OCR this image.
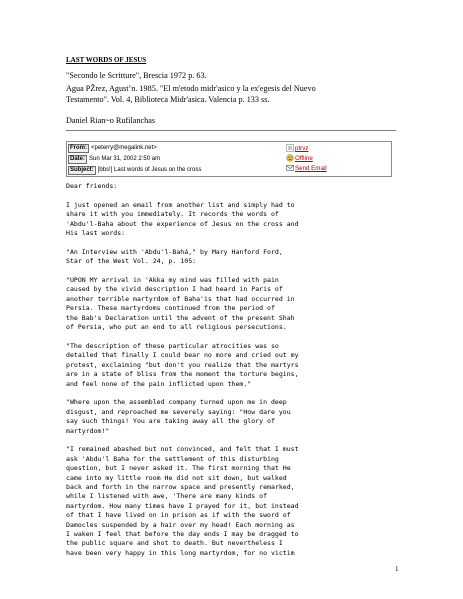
LAST WORDS OF JESUS
"Secondo le Scritture", Brescia 1972 p. 63.
Agua PŽrez, Agust’n. 1985. "El m'etodo midr'asico y la ex'egesis del Nuevo
Testamento". Vol. 4, Biblioteca Midr'asica. Valencia p. 133 ss.
Daniel Rian~o Rufilanchas
From: <peterry@megalink.net>
Date: Sun Mar 31, 2002 2:50 am
Subject: [bbs!] Last words of Jesus on the cross
ptrvz
Offline
Send Email
Dear friends:

I just opened an email from another list and simply had to
share it with you immediately. It records the words of
'Abdu'l-Baha about the experience of Jesus on the cross and
His last words:

"An Interview with 'Abdu'l-Bahá," by Mary Hanford Ford,
Star of the West Vol. 24, p. 105:

"UPON MY arrival in 'Akka my mind was filled with pain
caused by the vivid description I had heard in Paris of
another terrible martyrdom of Baha'is that had occurred in
Persia. These martyrdoms continued from the period of
the Bab's Declaration until the advent of the present Shah
of Persia, who put an end to all religious persecutions.

"The description of these particular atrocities was so
detailed that finally I could bear no more and cried out my
protest, exclaiming "but don't you realize that the martyrs
are in a state of bliss from the moment the torture begins,
and feel none of the pain inflicted upon them."

"Where upon the assembled company turned upon me in deep
disgust, and reproached me severely saying: "How dare you
say such things! You are taking away all the glory of
martyrdom!"

"I remained abashed but not convinced, and felt that I must
ask 'Abdu'l Baha for the settlement of this disturbing
question, but I never asked it. The first morning that He
came into my little room He did not sit down, but walked
back and forth in the narrow space and presently remarked,
while I listened with awe, 'There are many kinds of
martyrdom. How many times have I prayed for it, but instead
of that I have lived on in prison as if with the sword of
Damocles suspended by a hair over my head! Each morning as
I waken I feel that before the day ends I may be dragged to
the public square and shot to death. But nevertheless I
have been very happy in this long martyrdom, for no victim

1
